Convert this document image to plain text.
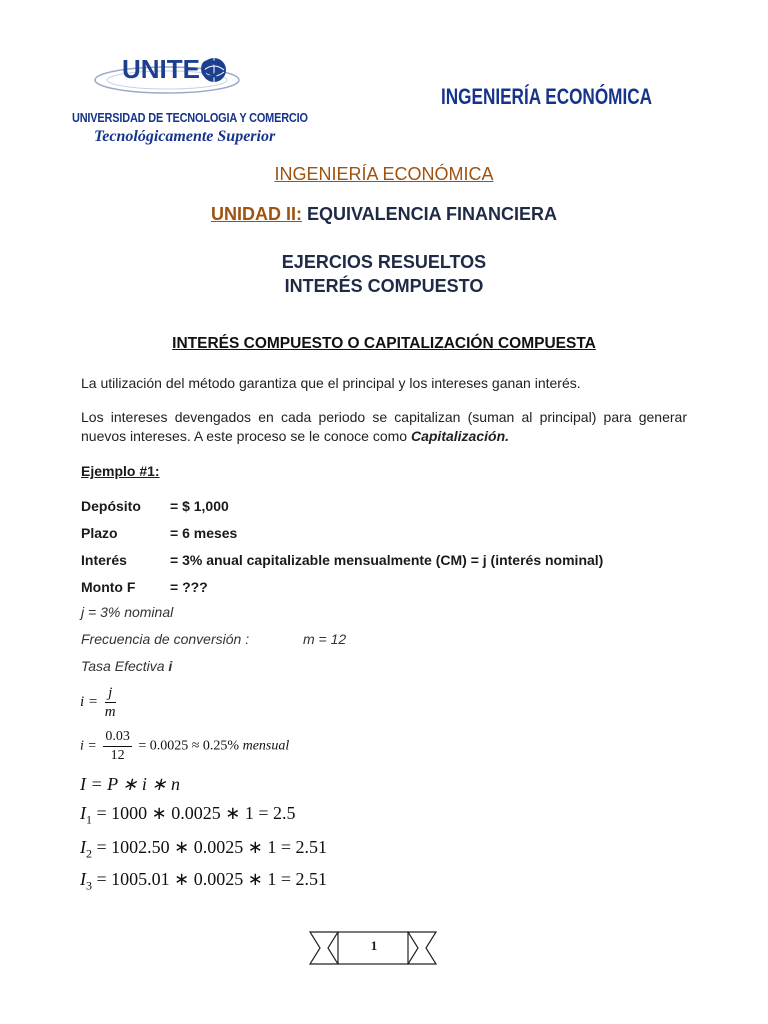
UNITEC
UNIVERSIDAD DE TECNOLOGIA Y COMERCIO
Tecnológicamente Superior
INGENIERÍA ECONÓMICA
INGENIERÍA ECONÓMICA
UNIDAD II: EQUIVALENCIA FINANCIERA
EJERCIOS RESUELTOS
INTERÉS COMPUESTO
INTERÉS COMPUESTO O CAPITALIZACIÓN COMPUESTA
La utilización del método garantiza que el principal y los intereses ganan interés.
Los intereses devengados en cada periodo se capitalizan (suman al principal) para generar nuevos intereses. A este proceso se le conoce como Capitalización.
Ejemplo #1:
Depósito = $ 1,000
Plazo	= 6 meses
Interés	= 3% anual capitalizable mensualmente (CM) = j (interés nominal)
Monto F = ???
j = 3% nominal
Frecuencia de conversión :	m = 12
Tasa Efectiva i
$i = \frac{j}{m}$
$i = \frac{0.03}{12} = 0.0025 \approx 0.25\%$ mensual
I = P ∗ i ∗ n
$I_1 = 1000$ ∗ 0.0025 ∗ 1 = 2.5
$I_2 = 1002.50$ ∗ 0.0025 ∗ 1 = 2.51
$I_3 = 1005.01$ ∗ 0.0025 ∗ 1 = 2.51
1
